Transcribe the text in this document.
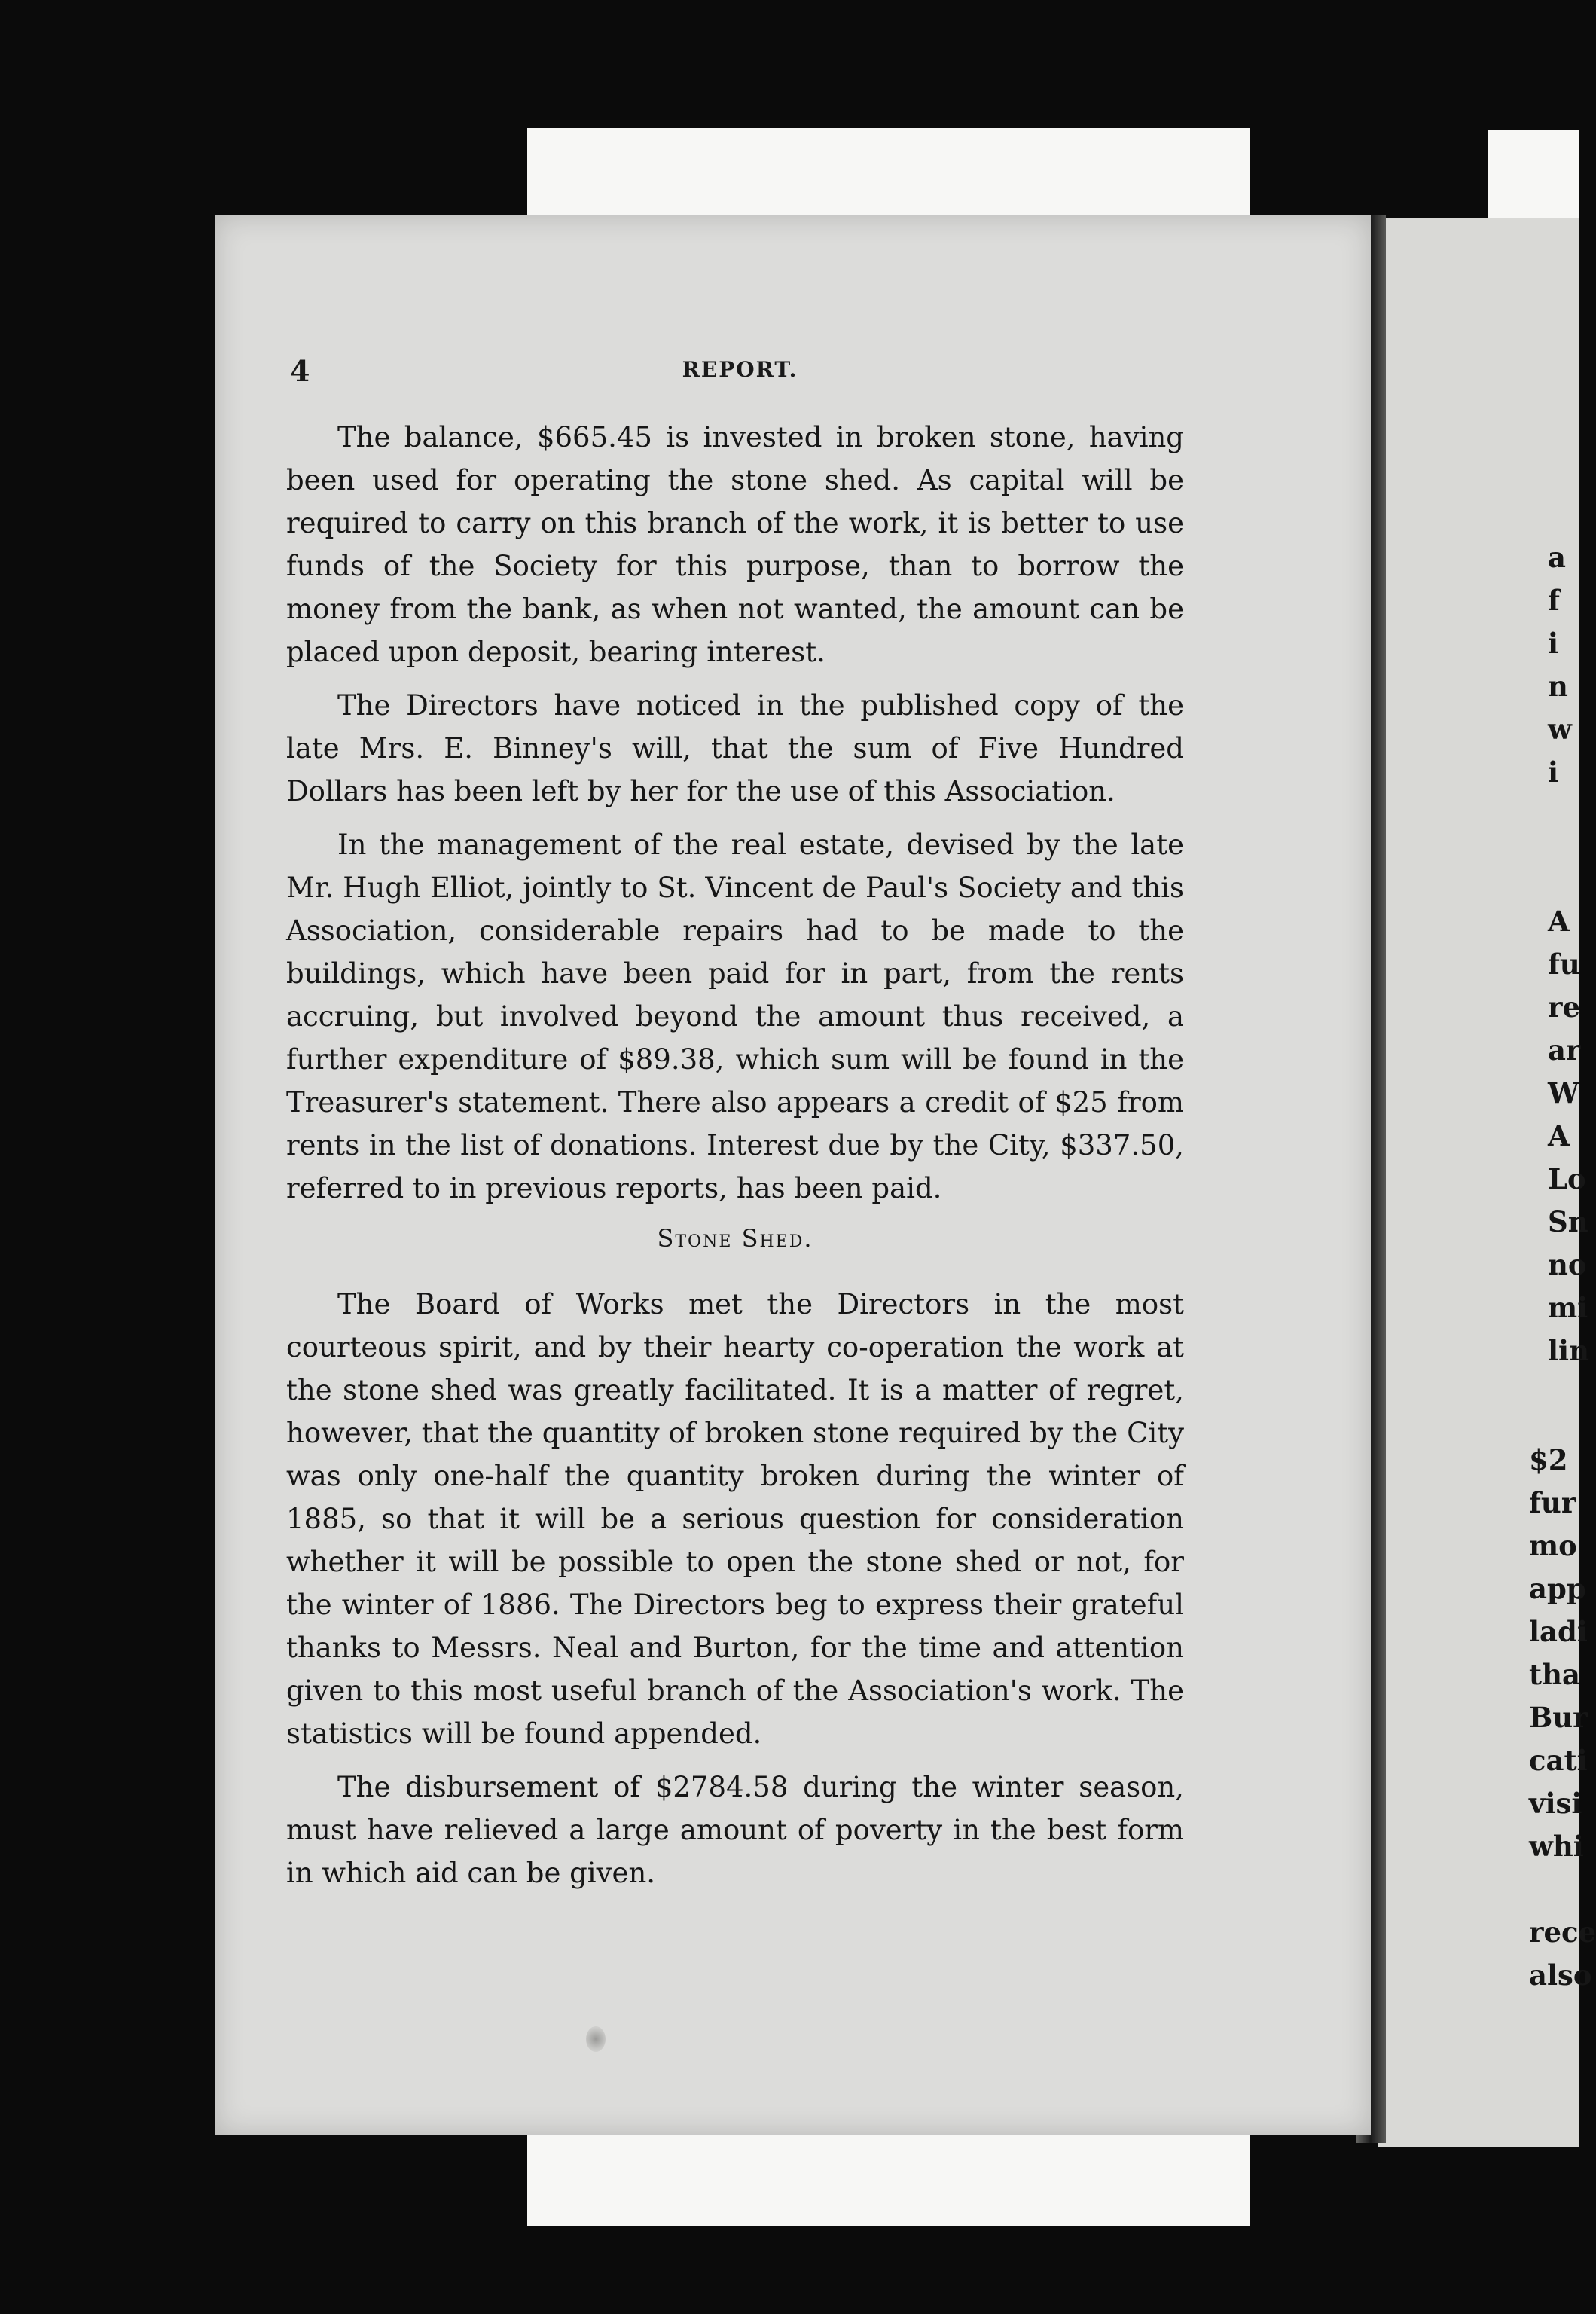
4	REPORT.

The balance, $665.45 is invested in broken stone, having been used for operating the stone shed. As capital will be required to carry on this branch of the work, it is better to use funds of the Society for this purpose, than to borrow the money from the bank, as when not wanted, the amount can be placed upon deposit, bearing interest.

The Directors have noticed in the published copy of the late Mrs. E. Binney's will, that the sum of Five Hundred Dollars has been left by her for the use of this Association.

In the management of the real estate, devised by the late Mr. Hugh Elliot, jointly to St. Vincent de Paul's Society and this Association, considerable repairs had to be made to the buildings, which have been paid for in part, from the rents accruing, but involved beyond the amount thus received, a further expenditure of $89.38, which sum will be found in the Treasurer's statement. There also appears a credit of $25 from rents in the list of donations. Interest due by the City, $337.50, referred to in previous reports, has been paid.

Stone Shed.

The Board of Works met the Directors in the most courteous spirit, and by their hearty co-operation the work at the stone shed was greatly facilitated. It is a matter of regret, however, that the quantity of broken stone required by the City was only one-half the quantity broken during the winter of 1885, so that it will be a serious question for consideration whether it will be possible to open the stone shed or not, for the winter of 1886. The Directors beg to express their grateful thanks to Messrs. Neal and Burton, for the time and attention given to this most useful branch of the Association's work. The statistics will be found appended.

The disbursement of $2784.58 during the winter season, must have relieved a large amount of poverty in the best form in which aid can be given.

a
f
i
n
w
i
A
fu
re
ar
W
A
Lo
Sn
no
mi
lin
$2
fur
mo
app
ladi
tha
Bur
cati
visi
whi

rece
also
